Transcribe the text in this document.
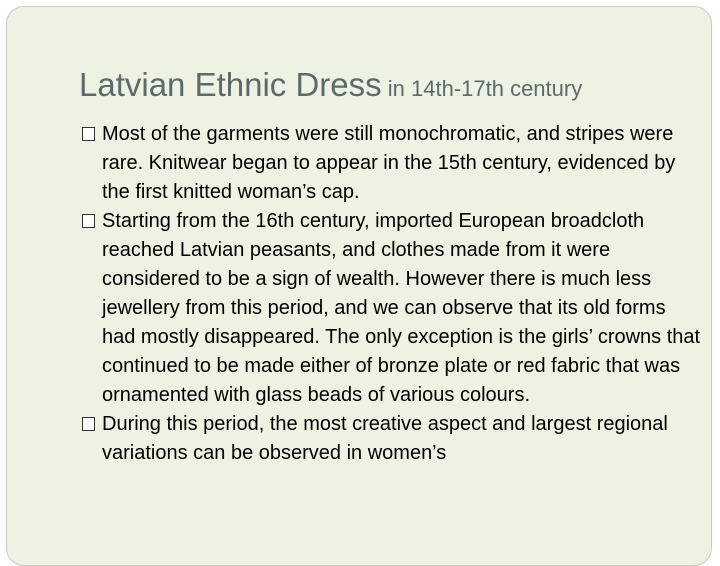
Latvian Ethnic Dress in 14th-17th century
Most of the garments were still monochromatic, and stripes were rare. Knitwear began to appear in the 15th century, evidenced by the first knitted woman’s cap.
Starting from the 16th century, imported European broadcloth reached Latvian peasants, and clothes made from it were considered to be a sign of wealth. However there is much less jewellery from this period, and we can observe that its old forms had mostly disappeared. The only exception is the girls’ crowns that continued to be made either of bronze plate or red fabric that was ornamented with glass beads of various colours.
During this period, the most creative aspect and largest regional variations can be observed in women’s
